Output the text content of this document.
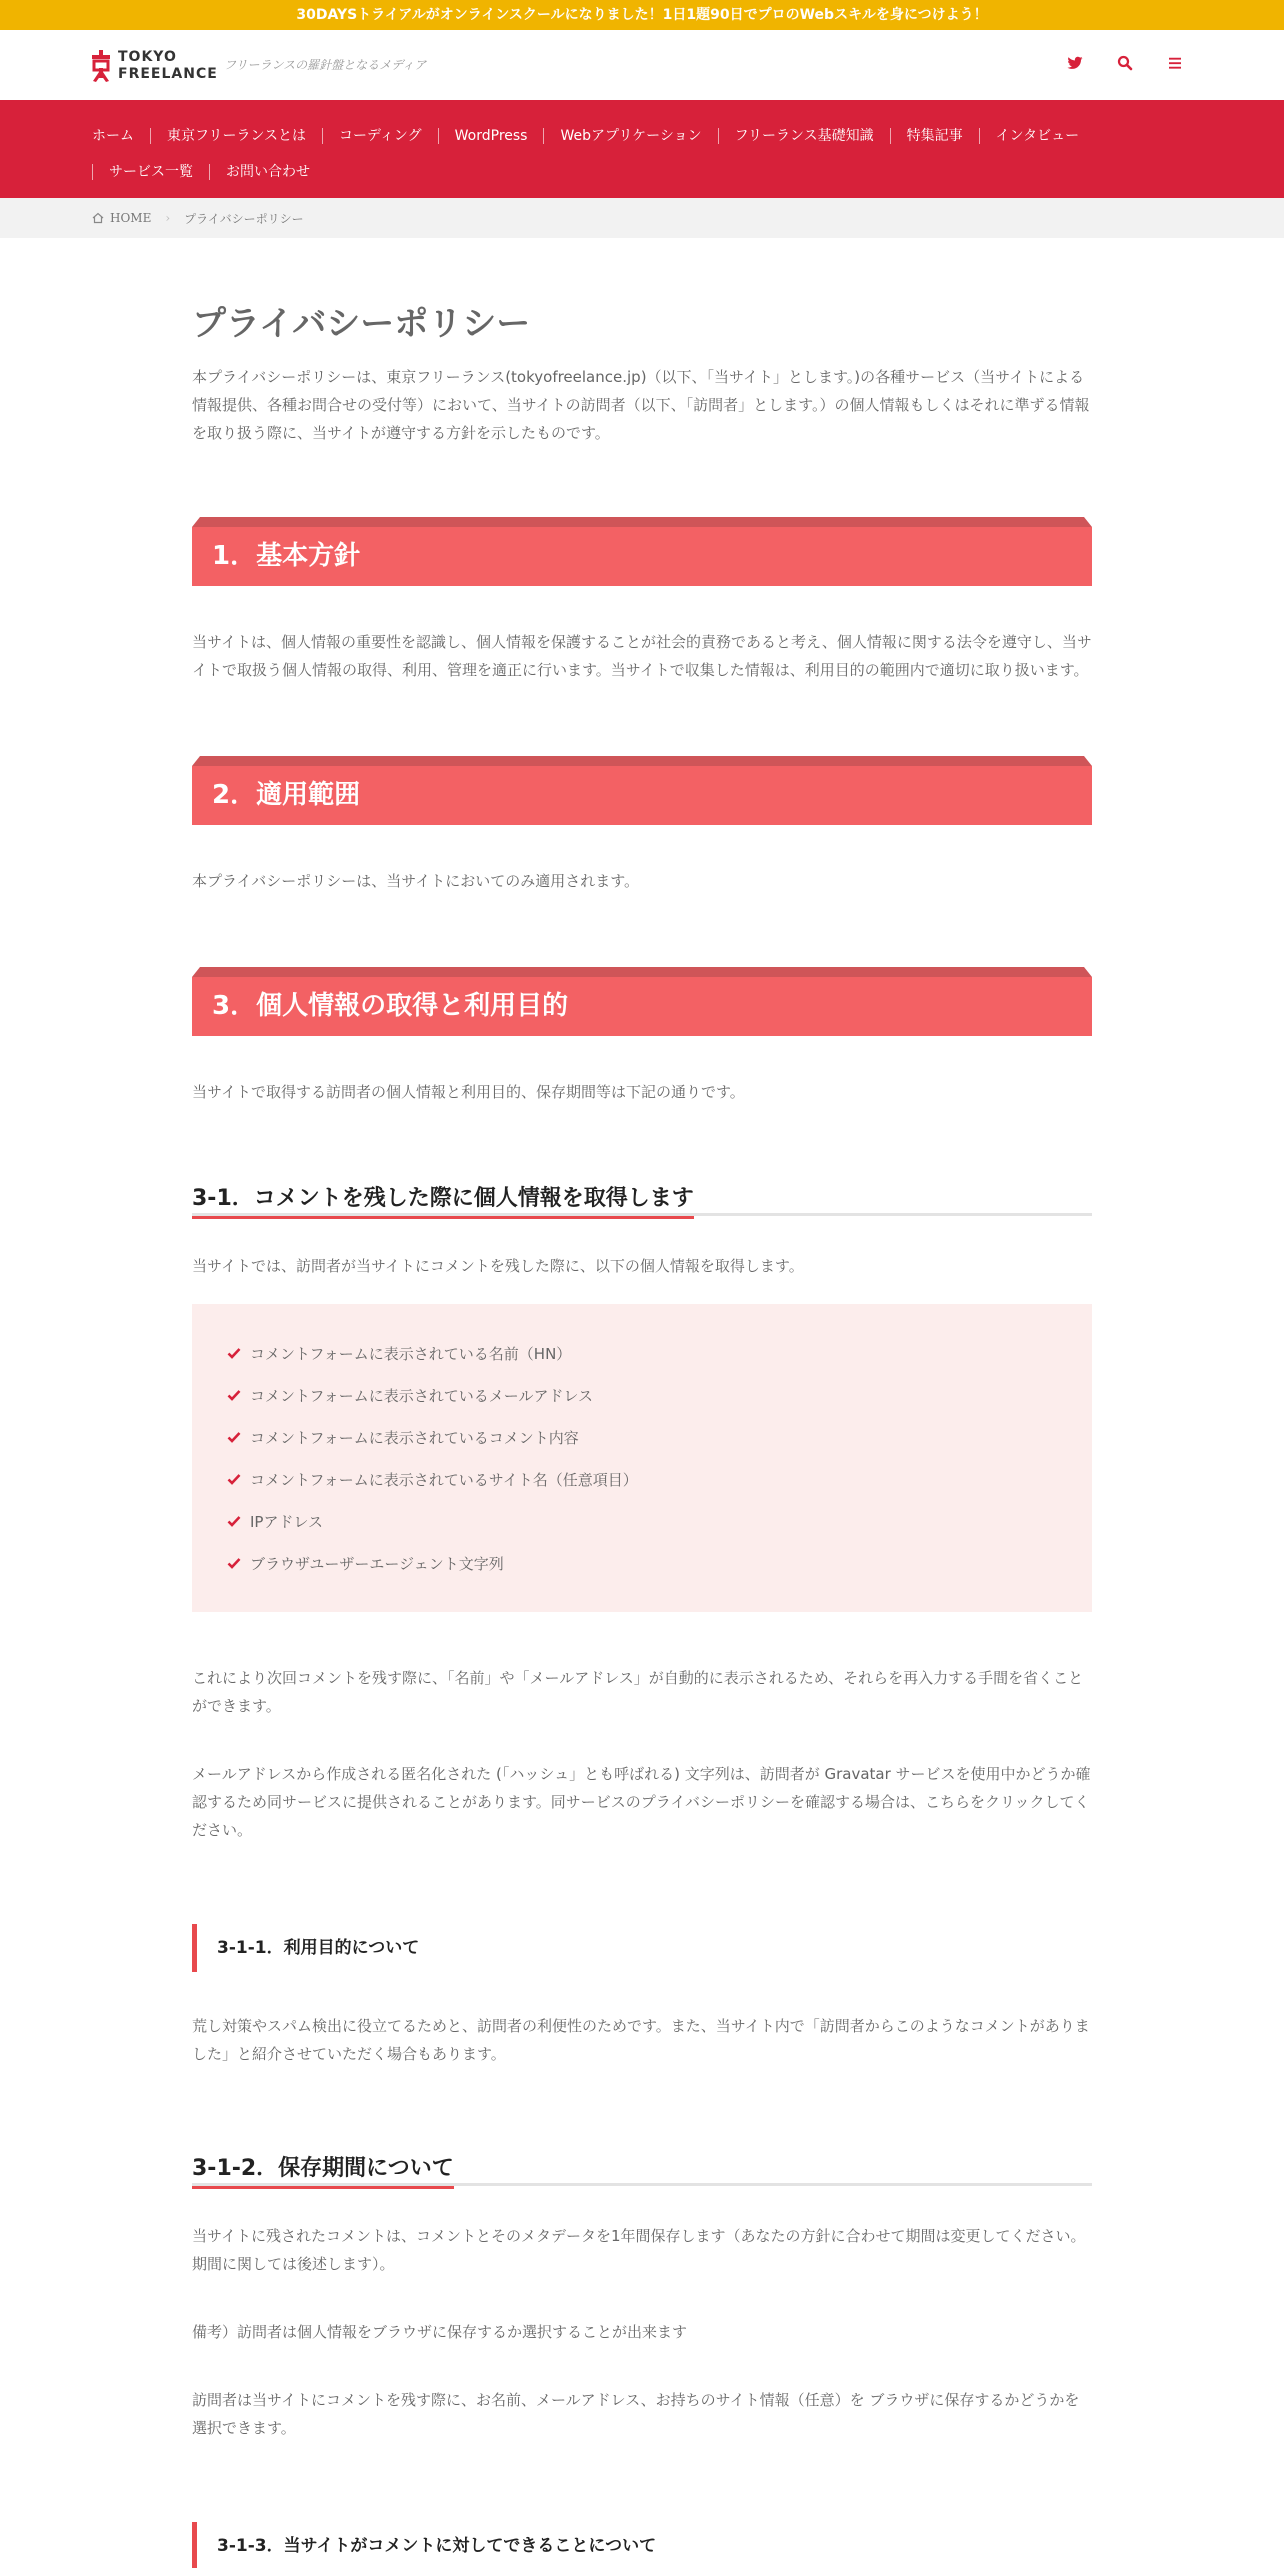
30DAYSトライアルがオンラインスクールになりました！1日1題90日でプロのWebスキルを身につけよう！
TOKYO
FREELANCE
フリーランスの羅針盤となるメディア
ホーム	東京フリーランスとは	コーディング	WordPress	Webアプリケーション	フリーランス基礎知識	特集記事	インタビュー
サービス一覧	お問い合わせ
HOME › プライバシーポリシー
プライバシーポリシー

本プライバシーポリシーは、東京フリーランス(tokyofreelance.jp)（以下、「当サイト」とします。)の各種サービス（当サイトによる情報提供、各種お問合せの受付等）において、当サイトの訪問者（以下、「訪問者」とします。）の個人情報もしくはそれに準ずる情報を取り扱う際に、当サイトが遵守する方針を示したものです。

1．基本方針

当サイトは、個人情報の重要性を認識し、個人情報を保護することが社会的責務であると考え、個人情報に関する法令を遵守し、当サイトで取扱う個人情報の取得、利用、管理を適正に行います。当サイトで収集した情報は、利用目的の範囲内で適切に取り扱います。

2．適用範囲

本プライバシーポリシーは、当サイトにおいてのみ適用されます。

3．個人情報の取得と利用目的

当サイトで取得する訪問者の個人情報と利用目的、保存期間等は下記の通りです。

3-1．コメントを残した際に個人情報を取得します

当サイトでは、訪問者が当サイトにコメントを残した際に、以下の個人情報を取得します。

コメントフォームに表示されている名前（HN）
コメントフォームに表示されているメールアドレス
コメントフォームに表示されているコメント内容
コメントフォームに表示されているサイト名（任意項目）
IPアドレス
ブラウザユーザーエージェント文字列

これにより次回コメントを残す際に、「名前」や「メールアドレス」が自動的に表示されるため、それらを再入力する手間を省くことができます。

メールアドレスから作成される匿名化された (「ハッシュ」とも呼ばれる) 文字列は、訪問者が Gravatar サービスを使用中かどうか確認するため同サービスに提供されることがあります。同サービスのプライバシーポリシーを確認する場合は、こちらをクリックしてください。

3-1-1．利用目的について

荒し対策やスパム検出に役立てるためと、訪問者の利便性のためです。また、当サイト内で「訪問者からこのようなコメントがありました」と紹介させていただく場合もあります。

3-1-2．保存期間について

当サイトに残されたコメントは、コメントとそのメタデータを1年間保存します（あなたの方針に合わせて期間は変更してください。期間に関しては後述します）。

備考）訪問者は個人情報をブラウザに保存するか選択することが出来ます

訪問者は当サイトにコメントを残す際に、お名前、メールアドレス、お持ちのサイト情報（任意）を ブラウザに保存するかどうかを選択できます。

3-1-3．当サイトがコメントに対してできることについて
